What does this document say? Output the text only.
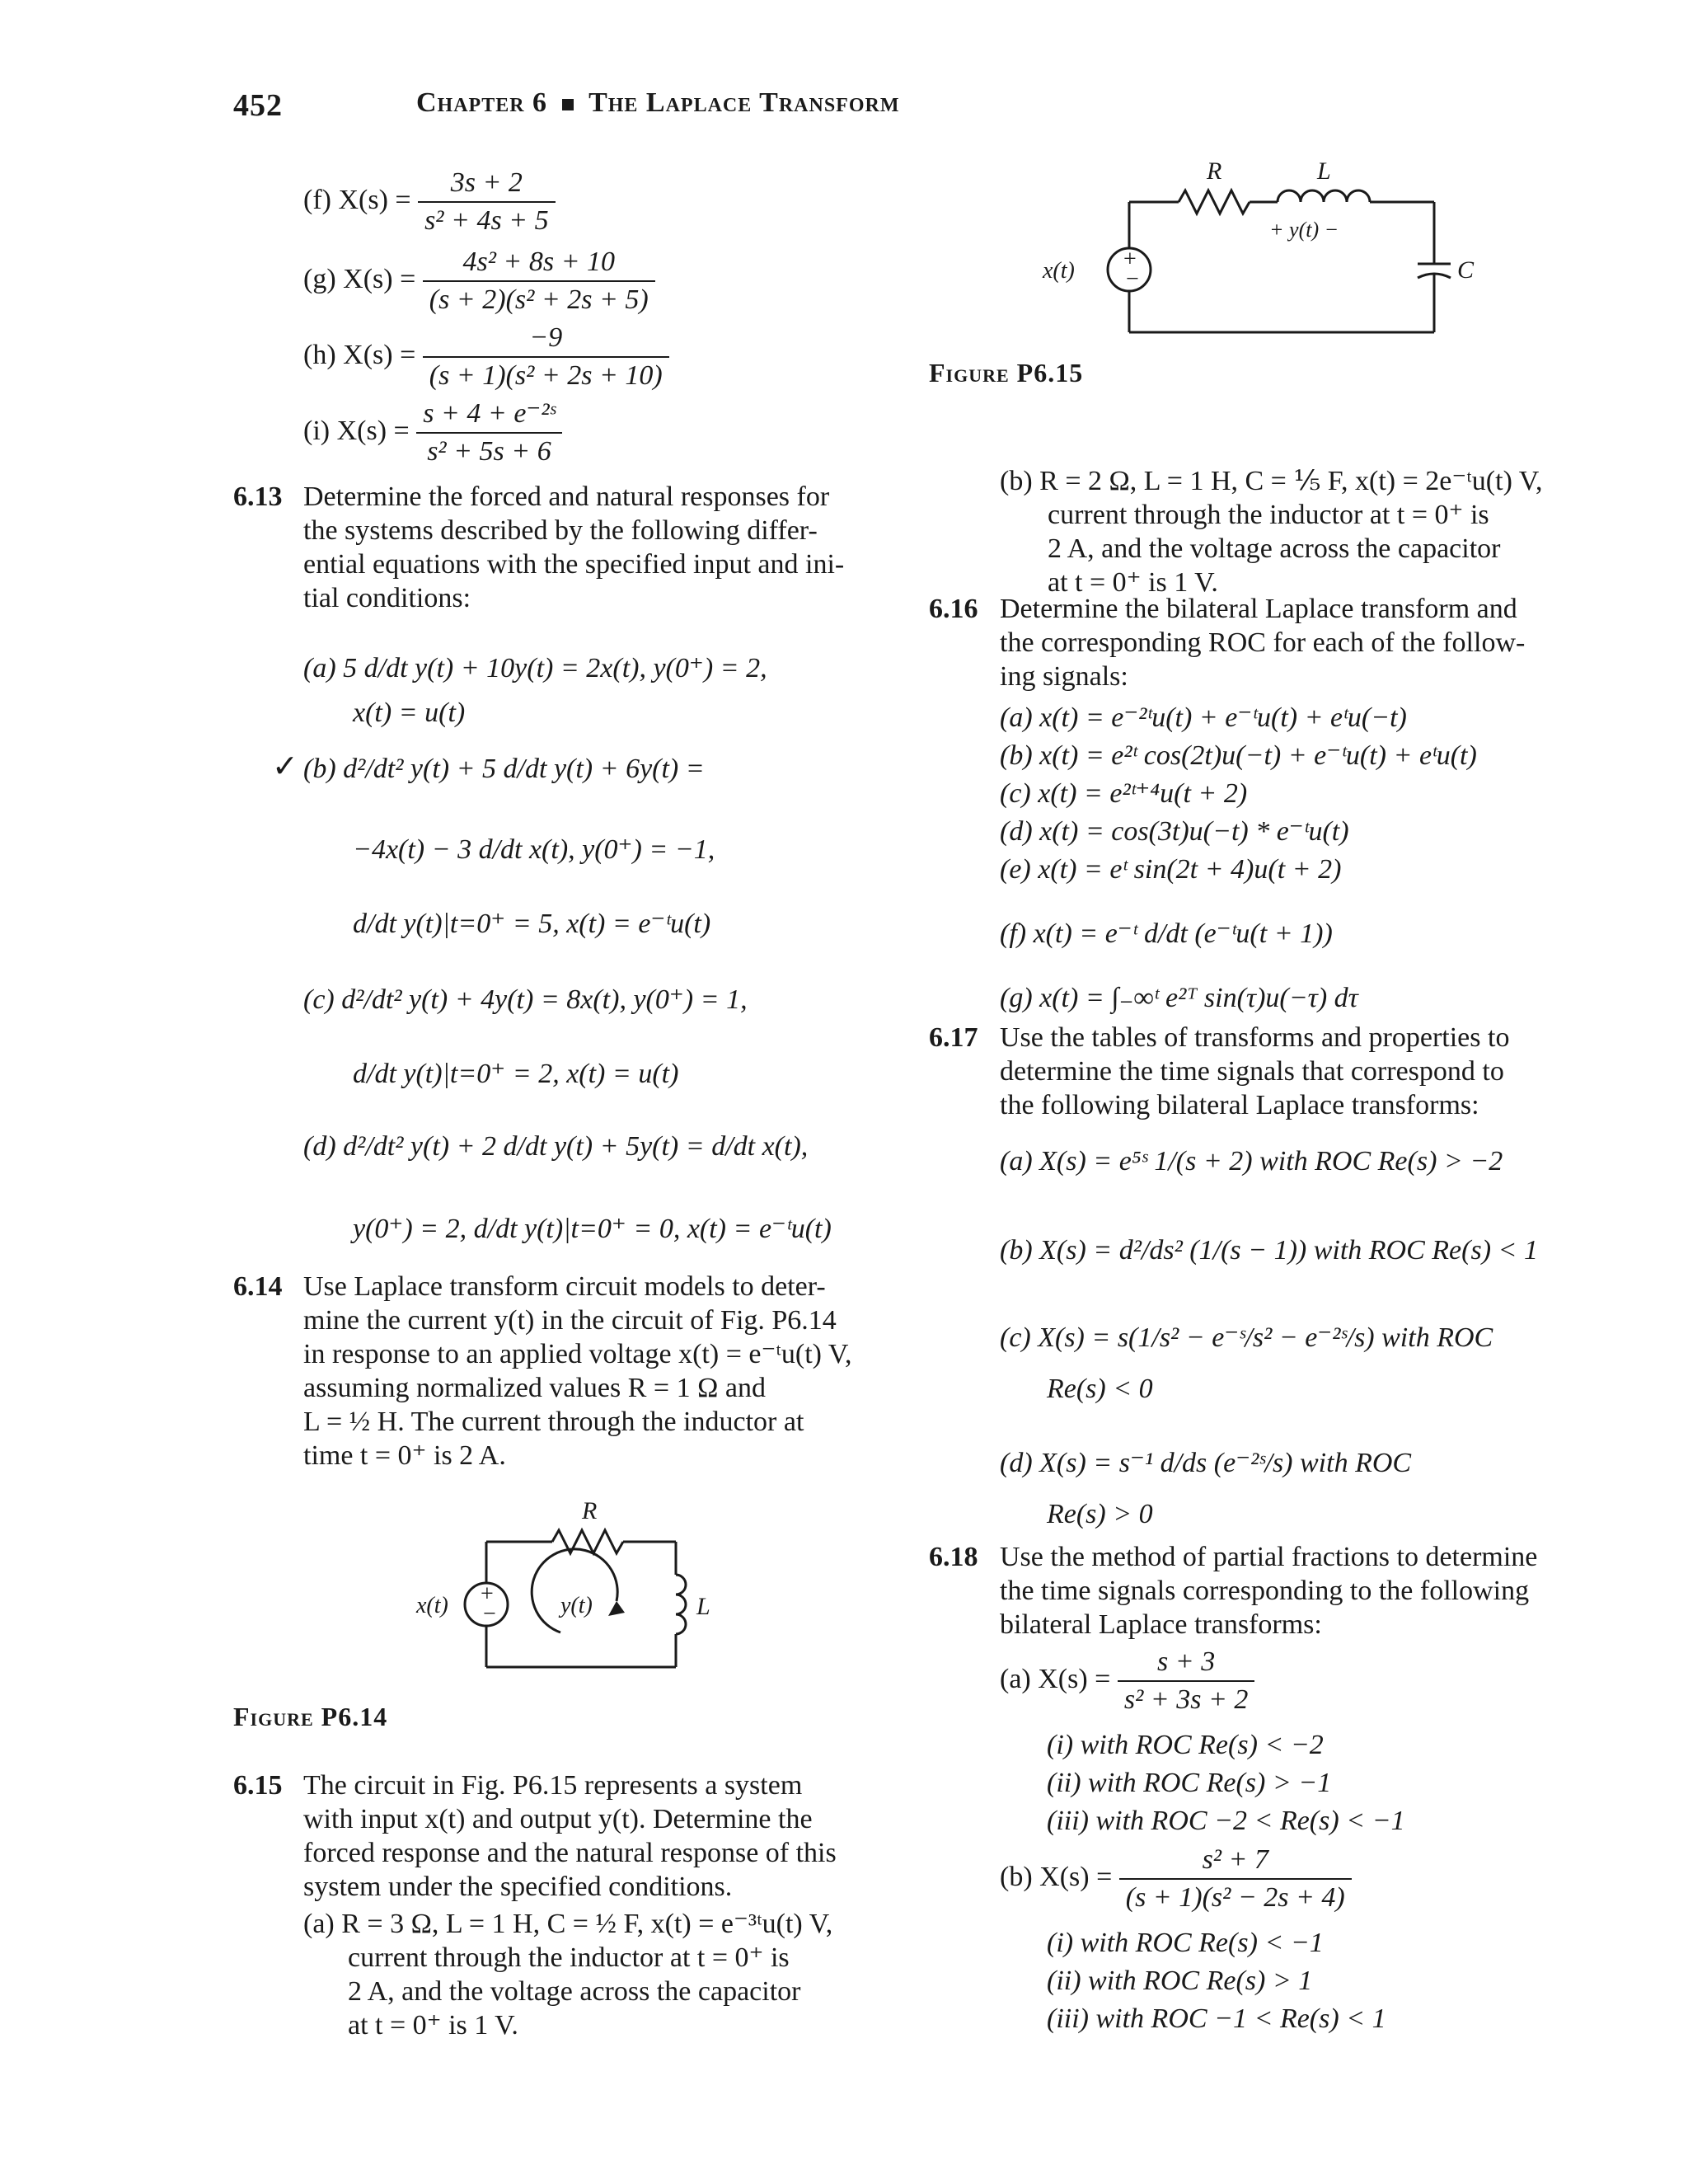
452	Chapter 6 The Laplace Transform
(f) $X(s) = \frac{3s + 2}{\text{s² + 4s + 5}}$
(g) $X(s) = \frac{\text{4s² + 8s + 10}}{\text{(s + 2)(s² + 2s + 5)}}$
(h) $X(s) = \frac{-9}{\text{(s + 1)(s² + 2s + 10)}}$
(i) $X(s) = \frac{\text{s + 4 + e⁻²ˢ}}{\text{s² + 5s + 6}}$
6.13 Determine the forced and natural responses for
the systems described by the following differ-
ential equations with the specified input and ini-
tial conditions:
(a) 5 d/dt y(t) + 10y(t) = 2x(t), y(0⁺) = 2,
x(t) = u(t)
✓ (b) d²/dt² y(t) + 5 d/dt y(t) + 6y(t) =
−4x(t) − 3 d/dt x(t), y(0⁺) = −1,
d/dt y(t)|t=0⁺ = 5, x(t) = e⁻ᵗu(t)
(c) d²/dt² y(t) + 4y(t) = 8x(t), y(0⁺) = 1,
d/dt y(t)|t=0⁺ = 2, x(t) = u(t)
(d) d²/dt² y(t) + 2 d/dt y(t) + 5y(t) = d/dt x(t),
y(0⁺) = 2, d/dt y(t)|t=0⁺ = 0, x(t) = e⁻ᵗu(t)
6.14 Use Laplace transform circuit models to deter-
mine the current y(t) in the circuit of Fig. P6.14
in response to an applied voltage x(t) = e⁻ᵗu(t) V,
assuming normalized values R = 1 Ω and
L = ½ H. The current through the inductor at
time t = 0⁺ is 2 A.
+
−
R
L
x(t)	y(t)
Figure P6.14
6.15 The circuit in Fig. P6.15 represents a system
with input x(t) and output y(t). Determine the
forced response and the natural response of this
system under the specified conditions.
(a) R = 3 Ω, L = 1 H, C = ½ F, x(t) = e⁻³ᵗu(t) V,
current through the inductor at t = 0⁺ is
2 A, and the voltage across the capacitor
at t = 0⁺ is 1 V.
+
−
R	L
C
x(t)
+ y(t) −
Figure P6.15
(b) R = 2 Ω, L = 1 H, C = ⅕ F, x(t) = 2e⁻ᵗu(t) V,
current through the inductor at t = 0⁺ is
2 A, and the voltage across the capacitor
at t = 0⁺ is 1 V.
6.16 Determine the bilateral Laplace transform and
the corresponding ROC for each of the follow-
ing signals:
(a) x(t) = e⁻²ᵗu(t) + e⁻ᵗu(t) + eᵗu(−t)
(b) x(t) = e²ᵗ cos(2t)u(−t) + e⁻ᵗu(t) + eᵗu(t)
(c) x(t) = e²ᵗ⁺⁴u(t + 2)
(d) x(t) = cos(3t)u(−t) * e⁻ᵗu(t)
(e) x(t) = eᵗ sin(2t + 4)u(t + 2)
(f) x(t) = e⁻ᵗ d/dt (e⁻ᵗu(t + 1))
(g) x(t) = ∫₋∞ᵗ e²ᵀ sin(τ)u(−τ) dτ
6.17 Use the tables of transforms and properties to
determine the time signals that correspond to
the following bilateral Laplace transforms:
(a) X(s) = e⁵ˢ 1/(s + 2) with ROC Re(s) > −2
(b) X(s) = d²/ds² (1/(s − 1)) with ROC Re(s) < 1
(c) X(s) = s(1/s² − e⁻ˢ/s² − e⁻²ˢ/s) with ROC
Re(s) < 0
(d) X(s) = s⁻¹ d/ds (e⁻²ˢ/s) with ROC
Re(s) > 0
6.18 Use the method of partial fractions to determine
the time signals corresponding to the following
bilateral Laplace transforms:
(a) $X(s) = \frac{s + 3}{\text{s² + 3s + 2}}$
(i) with ROC Re(s) < −2
(ii) with ROC Re(s) > −1
(iii) with ROC −2 < Re(s) < −1
(b) $X(s) = \frac{\text{s² + 7}}{\text{(s + 1)(s² − 2s + 4)}}$
(i) with ROC Re(s) < −1
(ii) with ROC Re(s) > 1
(iii) with ROC −1 < Re(s) < 1
